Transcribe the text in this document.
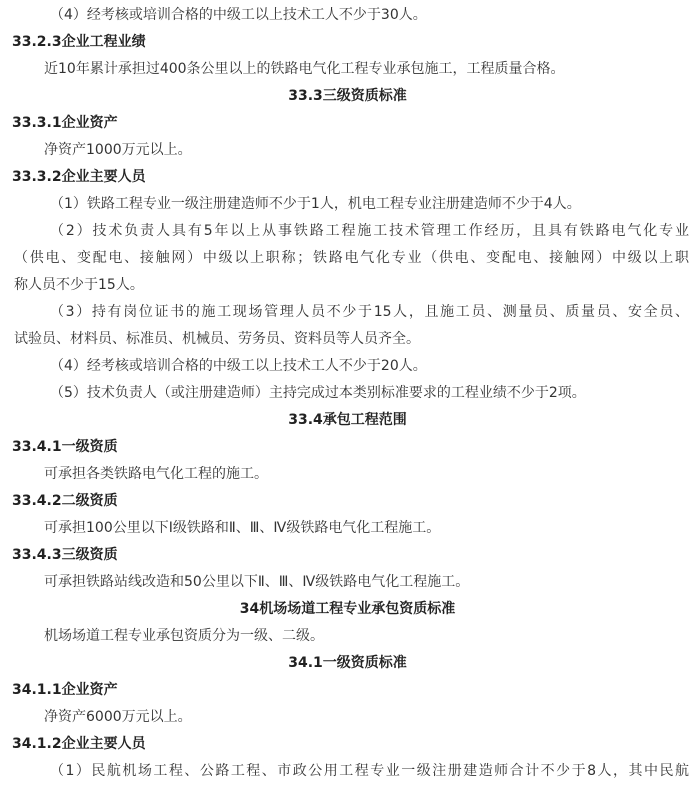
（4）经考核或培训合格的中级工以上技术工人不少于30人。
33.2.3企业工程业绩
近10年累计承担过400条公里以上的铁路电气化工程专业承包施工，工程质量合格。
33.3三级资质标准
33.3.1企业资产
净资产1000万元以上。
33.3.2企业主要人员
（1）铁路工程专业一级注册建造师不少于1人，机电工程专业注册建造师不少于4人。
（2）技术负责人具有5年以上从事铁路工程施工技术管理工作经历，且具有铁路电气化专业
（供电、变配电、接触网）中级以上职称；铁路电气化专业（供电、变配电、接触网）中级以上职
称人员不少于15人。
（3）持有岗位证书的施工现场管理人员不少于15人，且施工员、测量员、质量员、安全员、
试验员、材料员、标准员、机械员、劳务员、资料员等人员齐全。
（4）经考核或培训合格的中级工以上技术工人不少于20人。
（5）技术负责人（或注册建造师）主持完成过本类别标准要求的工程业绩不少于2项。
33.4承包工程范围
33.4.1一级资质
可承担各类铁路电气化工程的施工。
33.4.2二级资质
可承担100公里以下Ⅰ级铁路和Ⅱ、Ⅲ、Ⅳ级铁路电气化工程施工。
33.4.3三级资质
可承担铁路站线改造和50公里以下Ⅱ、Ⅲ、Ⅳ级铁路电气化工程施工。
34机场场道工程专业承包资质标准
机场场道工程专业承包资质分为一级、二级。
34.1一级资质标准
34.1.1企业资产
净资产6000万元以上。
34.1.2企业主要人员
（1）民航机场工程、公路工程、市政公用工程专业一级注册建造师合计不少于8人，其中民航
